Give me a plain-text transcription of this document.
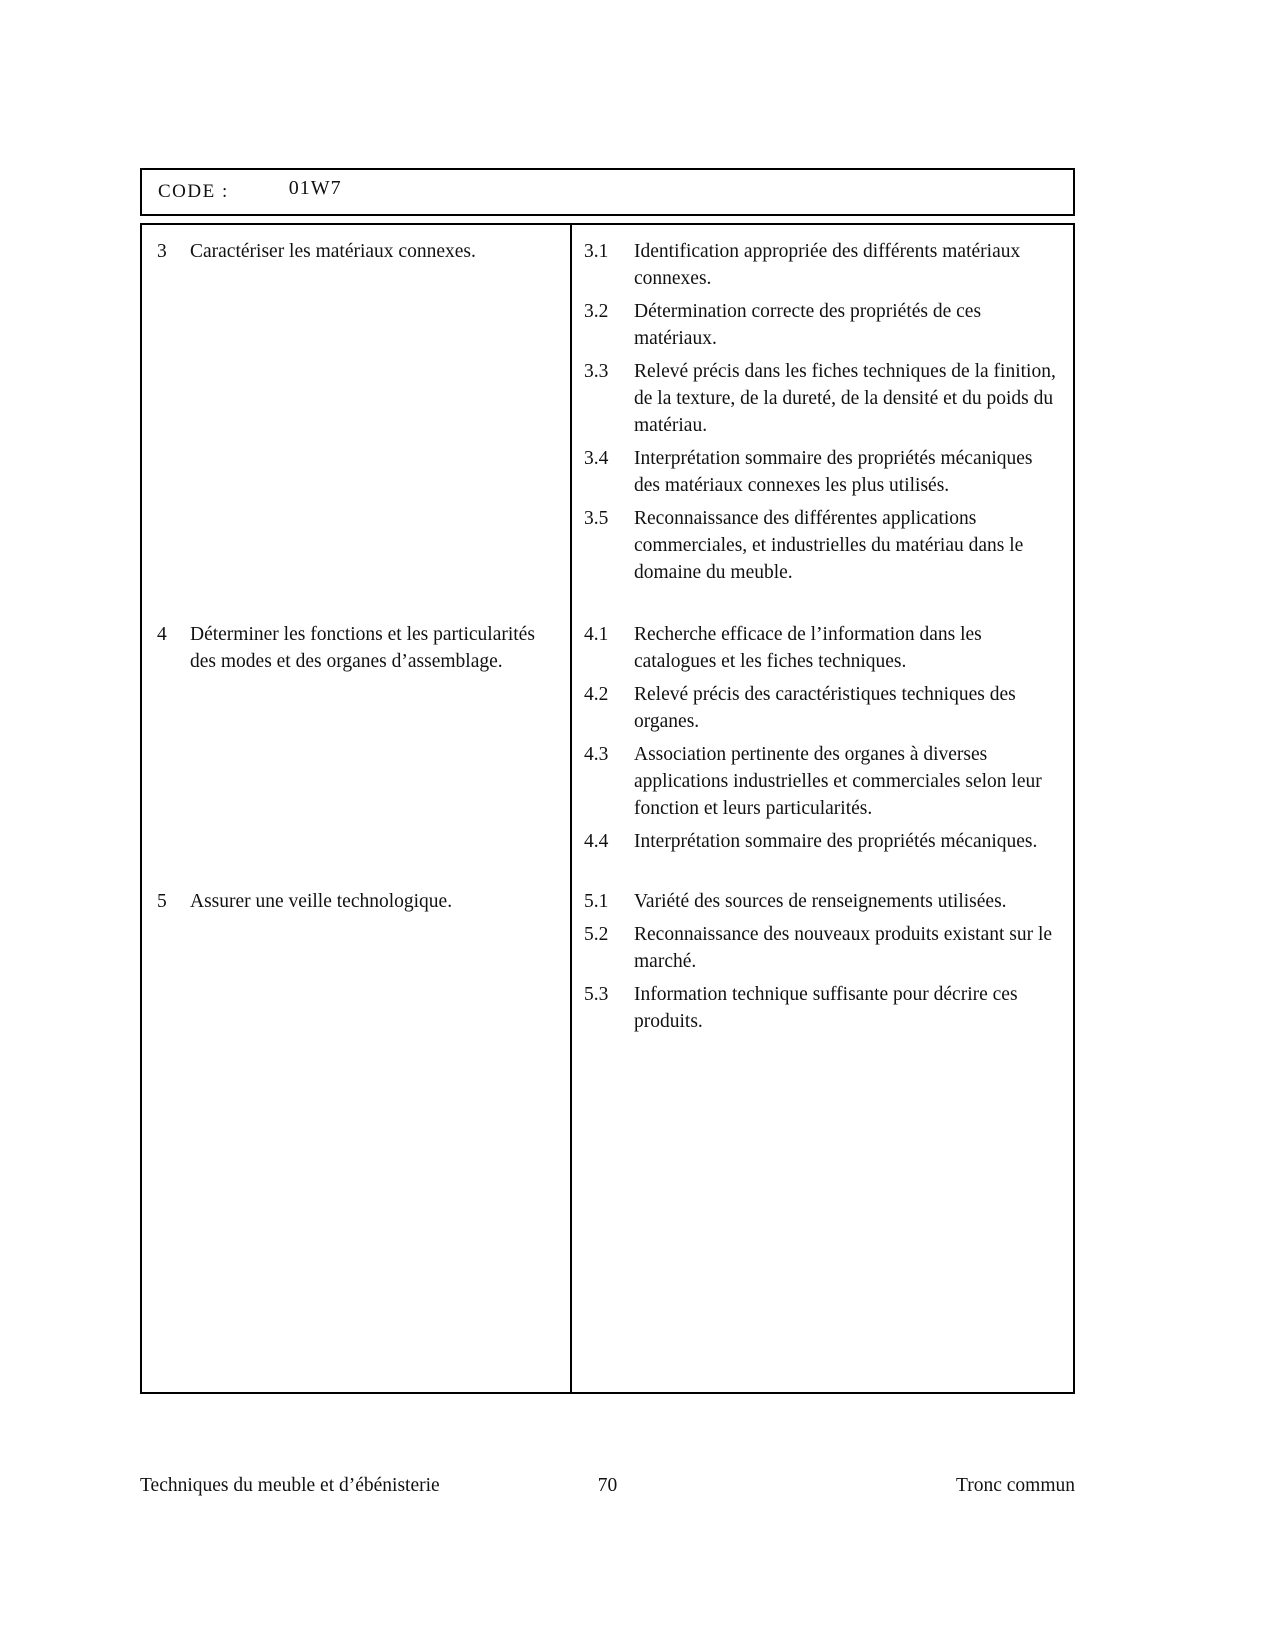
CODE :	01W7
3	Caractériser les matériaux connexes.	3.1	Identification appropriée des différents matériaux connexes.
3.2	Détermination correcte des propriétés de ces matériaux.
3.3	Relevé précis dans les fiches techniques de la finition, de la texture, de la dureté, de la densité et du poids du matériau.
3.4	Interprétation sommaire des propriétés mécaniques des matériaux connexes les plus utilisés.
3.5	Reconnaissance des différentes applications commerciales, et industrielles du matériau dans le domaine du meuble.
4	Déterminer les fonctions et les particularités des modes et des organes d’assemblage.
4.1	Recherche efficace de l’information dans les catalogues et les fiches techniques.
4.2	Relevé précis des caractéristiques techniques des organes.
4.3	Association pertinente des organes à diverses applications industrielles et commerciales selon leur fonction et leurs particularités.
4.4	Interprétation sommaire des propriétés mécaniques.
5	Assurer une veille technologique.	5.1	Variété des sources de renseignements utilisées.
5.2	Reconnaissance des nouveaux produits existant sur le marché.
5.3	Information technique suffisante pour décrire ces produits.
Techniques du meuble et d’ébénisterie	70	Tronc commun
